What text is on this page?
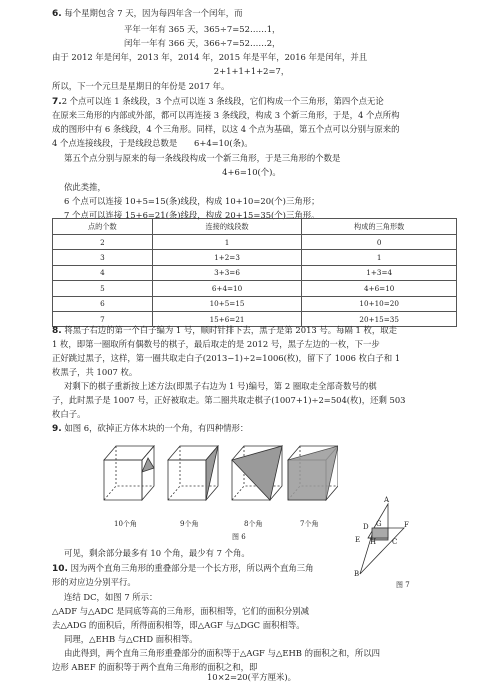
6. 每个星期包含 7 天，因为每四年含一个闰年，而
平年一年有 365 天，365÷7=52……1，
闰年一年有 366 天，366÷7=52……2，
由于 2012 年是闰年，2013 年，2014 年，2015 年是平年，2016 年是闰年，并且
2+1+1+1+2=7，
所以，下一个元旦是星期日的年份是 2017 年。
7.2 个点可以连 1 条线段，3 个点可以连 3 条线段，它们构成一个三角形，第四个点无论
在原来三角形的内部或外部，都可以再连接 3 条线段，构成 3 个新三角形，于是，4 个点所构
成的图形中有 6 条线段，4 个三角形。同样，以这 4 个点为基础，第五个点可以分别与原来的
4 个点连接线段，于是线段总数是　　6+4=10(条)。
第五个点分别与原来的每一条线段构成一个新三角形，于是三角形的个数是
4+6=10(个)。
依此类推，
6 个点可以连接 10+5=15(条)线段，构成 10+10=20(个)三角形；
7 个点可以连接 15+6=21(条)线段，构成 20+15=35(个)三角形。
点的个数	连接的线段数	构成的三角形数
2	1	0
3	1+2=3	1
4	3+3=6	1+3=4
5	6+4=10	4+6=10
6	10+5=15	10+10=20
7	15+6=21	20+15=35
8. 将黑子右边的第一个白子编为 1 号，顺时针排下去，黑子是第 2013 号。每隔 1 枚，取走
1 枚，即第一圈取所有偶数号的棋子，最后取走的是 2012 号，黑子左边的一枚，下一步
正好跳过黑子，这样，第一圈共取走白子(2013−1)÷2=1006(枚)，留下了 1006 枚白子和 1
枚黑子，共 1007 枚。
对剩下的棋子重新按上述方法(即黑子右边为 1 号)编号，第 2 圈取走全部奇数号的棋
子，此时黑子是 1007 号，正好被取走。第二圈共取走棋子(1007+1)÷2=504(枚)，还剩 503
枚白子。
9. 如图 6，砍掉正方体木块的一个角，有四种情形：
10个角	9个角	8个角	7个角
图 6
可见，剩余部分最多有 10 个角，最少有 7 个角。
10. 因为两个直角三角形的重叠部分是一个长方形，所以两个直角三角
形的对应边分别平行。
连结 DC，如图 7 所示：
△ADF 与△ADC 是同底等高的三角形，面积相等，它们的面积分别减
去△ADG 的面积后，所得面积相等，即△AGF 与△DGC 面积相等。
同理，△EHB 与△CHD 面积相等。
由此得到，两个直角三角形重叠部分的面积等于△AGF 与△EHB 的面积之和，所以四
边形 ABEF 的面积等于两个直角三角形的面积之和，即
10×2=20(平方厘米)。
A
D G	F
H C
E
B
图 7
